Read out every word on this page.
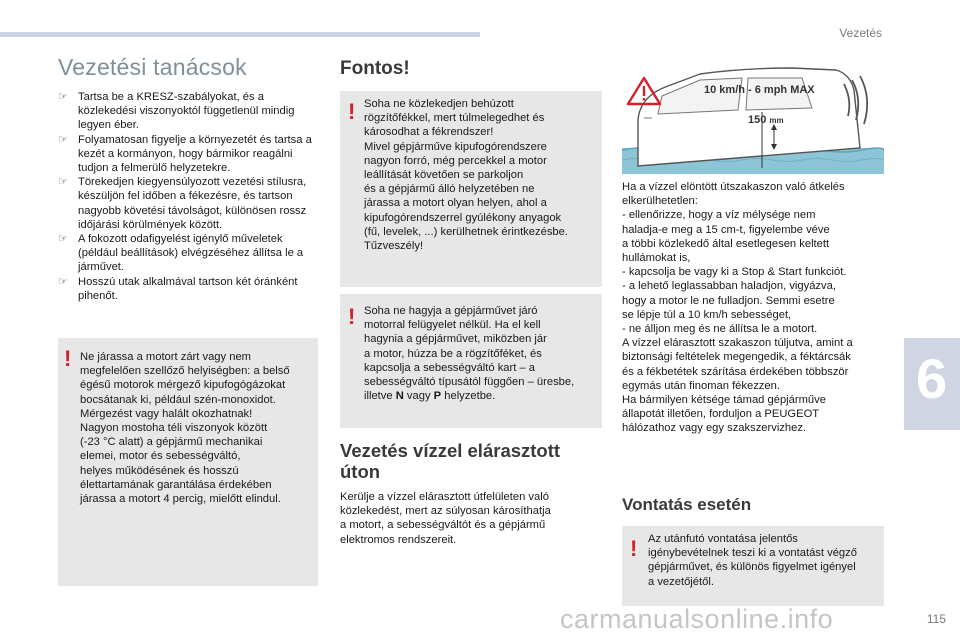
Vezetés
Vezetési tanácsok
☞ Tartsa be a KRESZ-szabályokat, és a közlekedési viszonyoktól függetlenül mindig legyen éber.
☞ Folyamatosan figyelje a környezetét és tartsa a kezét a kormányon, hogy bármikor reagálni tudjon a felmerülő helyzetekre.
☞ Törekedjen kiegyensúlyozott vezetési stílusra, készüljön fel időben a fékezésre, és tartson nagyobb követési távolságot, különösen rossz időjárási körülmények között.
☞ A fokozott odafigyelést igénylő műveletek (például beállítások) elvégzéséhez állítsa le a járművet.
☞ Hosszú utak alkalmával tartson két óránként pihenőt.
! Ne járassa a motort zárt vagy nem
megfelelően szellőző helyiségben: a belső
égésű motorok mérgező kipufogógázokat
bocsátanak ki, például szén-monoxidot.
Mérgezést vagy halált okozhatnak!
Nagyon mostoha téli viszonyok között
(-23 °C alatt) a gépjármű mechanikai
elemei, motor és sebességváltó,
helyes működésének és hosszú
élettartamának garantálása érdekében
járassa a motort 4 percig, mielőtt elindul.
Fontos!
! Soha ne közlekedjen behúzott
rögzítőfékkel, mert túlmelegedhet és
károsodhat a fékrendszer!
Mivel gépjárműve kipufogórendszere
nagyon forró, még percekkel a motor
leállítását követően se parkoljon
és a gépjármű álló helyzetében ne
járassa a motort olyan helyen, ahol a
kipufogórendszerrel gyúlékony anyagok
(fű, levelek, ...) kerülhetnek érintkezésbe.
Tűzveszély!
! Soha ne hagyja a gépjárművet járó
motorral felügyelet nélkül. Ha el kell
hagynia a gépjárművet, miközben jár
a motor, húzza be a rögzítőféket, és
kapcsolja a sebességváltó kart – a
sebességváltó típusától függően – üresbe,
illetve N vagy P helyzetbe.
Vezetés vízzel elárasztott
úton
Kerülje a vízzel elárasztott útfelületen való
közlekedést, mert az súlyosan károsíthatja
a motort, a sebességváltót és a gépjármű
elektromos rendszereit.
10 km/h - 6 mph MAX
150 mm
Ha a vízzel elöntött útszakaszon való átkelés
elkerülhetetlen:
- ellenőrizze, hogy a víz mélysége nem
haladja-e meg a 15 cm-t, figyelembe véve
a többi közlekedő által esetlegesen keltett
hullámokat is,
- kapcsolja be vagy ki a Stop & Start funkciót.
- a lehető leglassabban haladjon, vigyázva,
hogy a motor le ne fulladjon. Semmi esetre
se lépje túl a 10 km/h sebességet,
- ne álljon meg és ne állítsa le a motort.
A vízzel elárasztott szakaszon túljutva, amint a
biztonsági feltételek megengedik, a féktárcsák
és a fékbetétek szárítása érdekében többször
egymás után finoman fékezzen.
Ha bármilyen kétsége támad gépjárműve
állapotát illetően, forduljon a PEUGEOT
hálózathoz vagy egy szakszervizhez.
Vontatás esetén
! Az utánfutó vontatása jelentős
igénybevételnek teszi ki a vontatást végző
gépjárművet, és különös figyelmet igényel
a vezetőjétől.
6
carmanualsonline.info	115
